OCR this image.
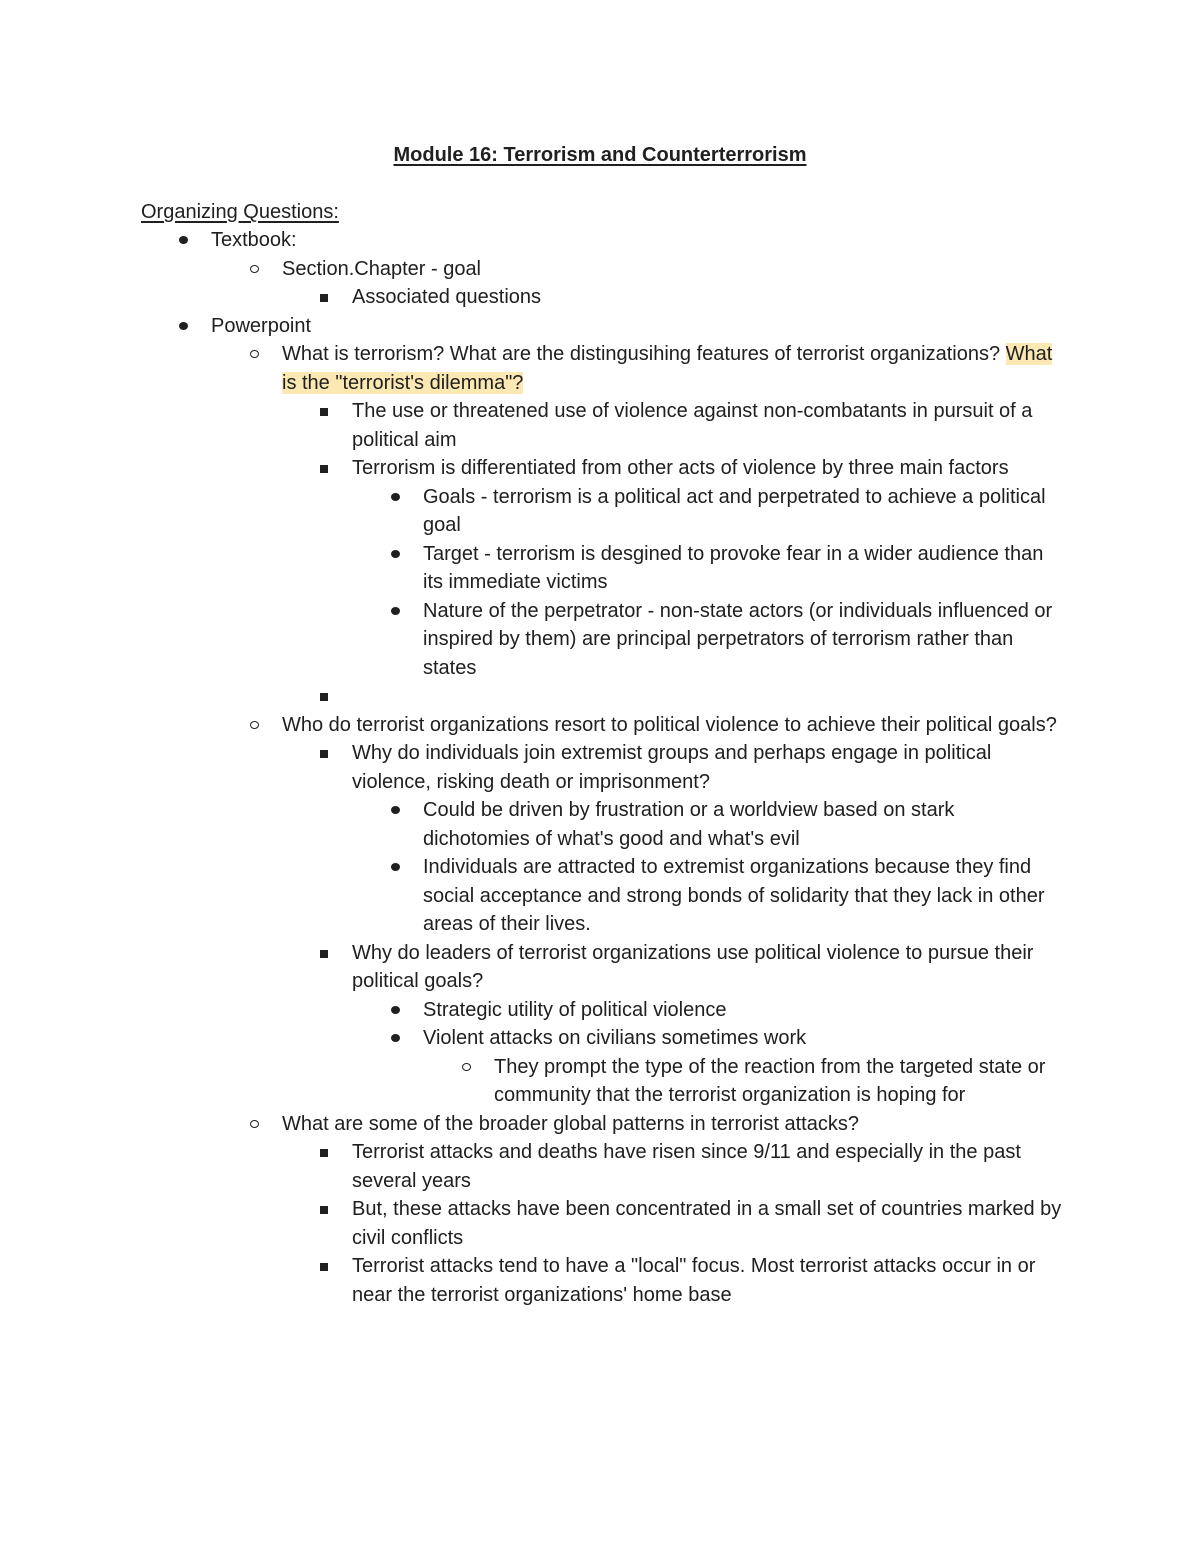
Module 16: Terrorism and Counterterrorism
Organizing Questions:
Textbook:
Section.Chapter - goal
Associated questions
Powerpoint
What is terrorism? What are the distingusihing features of terrorist organizations? What is the "terrorist's dilemma"?
The use or threatened use of violence against non-combatants in pursuit of a political aim
Terrorism is differentiated from other acts of violence by three main factors
Goals - terrorism is a political act and perpetrated to achieve a political goal
Target - terrorism is desgined to provoke fear in a wider audience than its immediate victims
Nature of the perpetrator - non-state actors (or individuals influenced or inspired by them) are principal perpetrators of terrorism rather than states
Who do terrorist organizations resort to political violence to achieve their political goals?
Why do individuals join extremist groups and perhaps engage in political violence, risking death or imprisonment?
Could be driven by frustration or a worldview based on stark dichotomies of what's good and what's evil
Individuals are attracted to extremist organizations because they find social acceptance and strong bonds of solidarity that they lack in other areas of their lives.
Why do leaders of terrorist organizations use political violence to pursue their political goals?
Strategic utility of political violence
Violent attacks on civilians sometimes work
They prompt the type of the reaction from the targeted state or community that the terrorist organization is hoping for
What are some of the broader global patterns in terrorist attacks?
Terrorist attacks and deaths have risen since 9/11 and especially in the past several years
But, these attacks have been concentrated in a small set of countries marked by civil conflicts
Terrorist attacks tend to have a "local" focus. Most terrorist attacks occur in or near the terrorist organizations' home base
